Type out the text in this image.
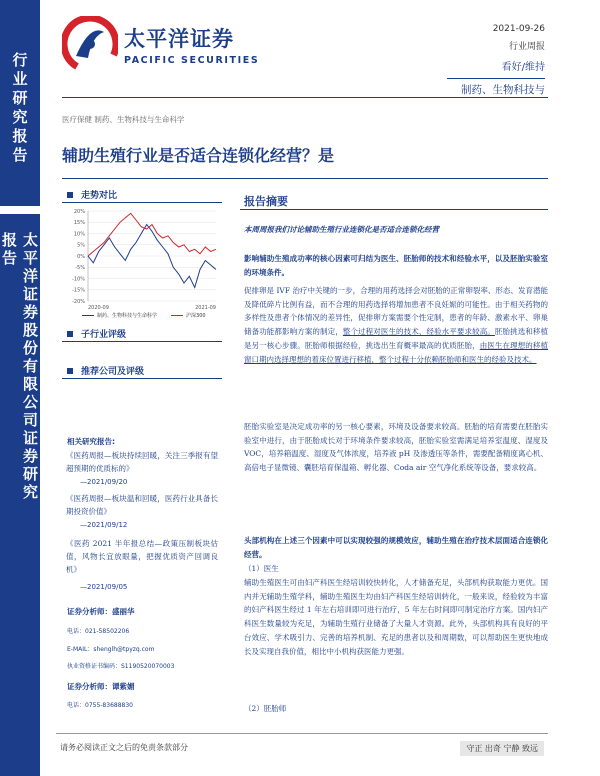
行业研究报告
太平洋证券股份有限公司证券研究报告
太平洋证券
PACIFIC SECURITIES
2021-09-26
行业周报
看好/维持
制药、生物科技与
医疗保健 制药、生物科技与生命科学
辅助生殖行业是否适合连锁化经营？是
走势对比
-20%
-15%
-10%
-5%
0%
5%
10%
15%
20%
2020-09	2021-09
制药、生物科技与生命科学	沪深300
子行业评级
推荐公司及评级
相关研究报告:
《医药周报—板块持续回暖，关注三季报有望超预期的优质标的》
—2021/09/20
《医药周报—板块温和回暖，医药行业具备长期投资价值》
—2021/09/12
《医药 2021 半年报总结—政策压制板块估值，风物长宜放眼量，把握优质资产回调良机》
—2021/09/05
证券分析师：盛丽华
电话：021-58502206
E-MAIL：shenglh@tpyzq.com
执业资格证书编码：S1190520070003
证券分析师：谭紫媚
电话：0755-83688830
报告摘要
本周周报我们讨论辅助生殖行业连锁化是否适合连锁化经营
影响辅助生殖成功率的核心因素可归结为医生、胚胎师的技术和经验水平，以及胚胎实验室的环境条件。
促排卵是 IVF 治疗中关键的一步，合理的用药选择会对胚胎的正常卵裂率、形态、发育潜能及降低碎片比例有益，而不合理的用药选择将增加患者不良妊娠的可能性。由于相关药物的多样性及患者个体情况的差异性，促排卵方案需要个性定制，患者的年龄、激素水平、卵巢储备功能都影响方案的制定，整个过程对医生的技术、经验水平要求较高。胚胎挑选和移植是另一核心步骤。胚胎师根据经验，挑选出生育概率最高的优质胚胎，由医生在理想的移植窗口期内选择理想的着床位置进行移植，整个过程十分依赖胚胎师和医生的经验及技术。
胚胎实验室是决定成功率的另一核心要素，环境及设备要求较高。胚胎的培育需要在胚胎实验室中进行，由于胚胎成长对于环境条件要求较高，胚胎实验室需满足培养室温度、湿度及 VOC，培养箱温度、湿度及气体浓度，培养液 pH 及渗透压等条件，需要配备精度离心机、高倍电子显微镜、囊胚培育保温箱、孵化器、Coda air 空气净化系统等设备，要求较高。
头部机构在上述三个因素中可以实现较强的规模效应，辅助生殖在治疗技术层面适合连锁化经营。
（1）医生
辅助生殖医生可由妇产科医生经培训较快转化，人才储备充足，头部机构获取能力更优。国内并无辅助生殖学科，辅助生殖医生均由妇产科医生经培训转化，一般来说，经验较为丰富的妇产科医生经过 1 年左右培训即可进行治疗，5 年左右时间即可制定治疗方案。国内妇产科医生数量较为充足，为辅助生殖行业储备了大量人才资源。此外，头部机构具有良好的平台效应、学术吸引力、完善的培养机制、充足的患者以及和周期数，可以帮助医生更快地成长及实现自我价值，相比中小机构获医能力更强。
（2）胚胎师
请务必阅读正文之后的免责条款部分	守正 出奇 宁静 致远
